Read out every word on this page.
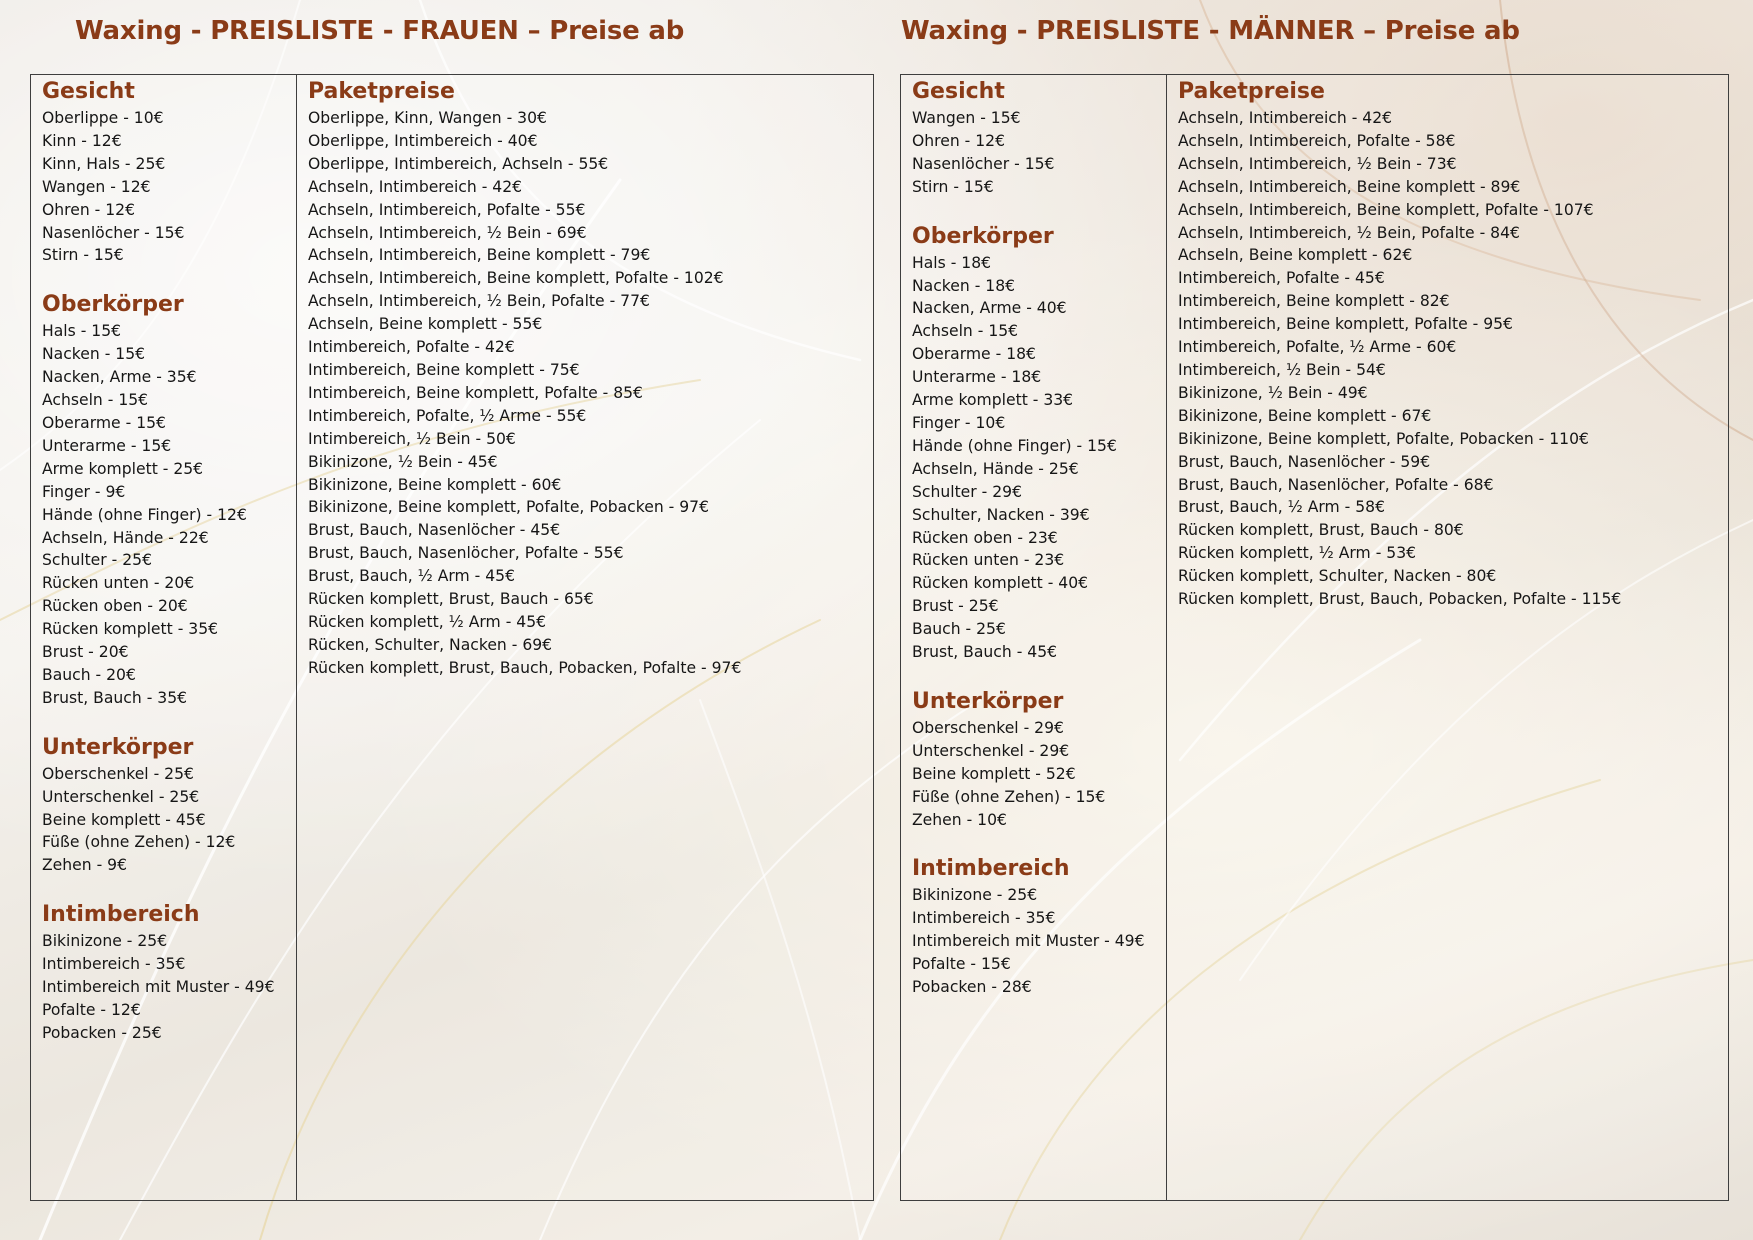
Waxing - PREISLISTE - FRAUEN – Preise ab	Waxing - PREISLISTE - MÄNNER – Preise ab
Gesicht
Oberlippe - 10€
Kinn - 12€
Kinn, Hals - 25€
Wangen - 12€
Ohren - 12€
Nasenlöcher - 15€
Stirn - 15€
Oberkörper
Hals - 15€
Nacken - 15€
Nacken, Arme - 35€
Achseln - 15€
Oberarme - 15€
Unterarme - 15€
Arme komplett - 25€
Finger - 9€
Hände (ohne Finger) - 12€
Achseln, Hände - 22€
Schulter - 25€
Rücken unten - 20€
Rücken oben - 20€
Rücken komplett - 35€
Brust - 20€
Bauch - 20€
Brust, Bauch - 35€
Unterkörper
Oberschenkel - 25€
Unterschenkel - 25€
Beine komplett - 45€
Füße (ohne Zehen) - 12€
Zehen - 9€
Intimbereich
Bikinizone - 25€
Intimbereich - 35€
Intimbereich mit Muster - 49€
Pofalte - 12€
Pobacken - 25€
Paketpreise
Oberlippe, Kinn, Wangen - 30€
Oberlippe, Intimbereich - 40€
Oberlippe, Intimbereich, Achseln - 55€
Achseln, Intimbereich - 42€
Achseln, Intimbereich, Pofalte - 55€
Achseln, Intimbereich, ½ Bein - 69€
Achseln, Intimbereich, Beine komplett - 79€
Achseln, Intimbereich, Beine komplett, Pofalte - 102€
Achseln, Intimbereich, ½ Bein, Pofalte - 77€
Achseln, Beine komplett - 55€
Intimbereich, Pofalte - 42€
Intimbereich, Beine komplett - 75€
Intimbereich, Beine komplett, Pofalte - 85€
Intimbereich, Pofalte, ½ Arme - 55€
Intimbereich, ½ Bein - 50€
Bikinizone, ½ Bein - 45€
Bikinizone, Beine komplett - 60€
Bikinizone, Beine komplett, Pofalte, Pobacken - 97€
Brust, Bauch, Nasenlöcher - 45€
Brust, Bauch, Nasenlöcher, Pofalte - 55€
Brust, Bauch, ½ Arm - 45€
Rücken komplett, Brust, Bauch - 65€
Rücken komplett, ½ Arm - 45€
Rücken, Schulter, Nacken - 69€
Rücken komplett, Brust, Bauch, Pobacken, Pofalte - 97€
Gesicht
Wangen - 15€
Ohren - 12€
Nasenlöcher - 15€
Stirn - 15€
Oberkörper
Hals - 18€
Nacken - 18€
Nacken, Arme - 40€
Achseln - 15€
Oberarme - 18€
Unterarme - 18€
Arme komplett - 33€
Finger - 10€
Hände (ohne Finger) - 15€
Achseln, Hände - 25€
Schulter - 29€
Schulter, Nacken - 39€
Rücken oben - 23€
Rücken unten - 23€
Rücken komplett - 40€
Brust - 25€
Bauch - 25€
Brust, Bauch - 45€
Unterkörper
Oberschenkel - 29€
Unterschenkel - 29€
Beine komplett - 52€
Füße (ohne Zehen) - 15€
Zehen - 10€
Intimbereich
Bikinizone - 25€
Intimbereich - 35€
Intimbereich mit Muster - 49€
Pofalte - 15€
Pobacken - 28€
Paketpreise
Achseln, Intimbereich - 42€
Achseln, Intimbereich, Pofalte - 58€
Achseln, Intimbereich, ½ Bein - 73€
Achseln, Intimbereich, Beine komplett - 89€
Achseln, Intimbereich, Beine komplett, Pofalte - 107€
Achseln, Intimbereich, ½ Bein, Pofalte - 84€
Achseln, Beine komplett - 62€
Intimbereich, Pofalte - 45€
Intimbereich, Beine komplett - 82€
Intimbereich, Beine komplett, Pofalte - 95€
Intimbereich, Pofalte, ½ Arme - 60€
Intimbereich, ½ Bein - 54€
Bikinizone, ½ Bein - 49€
Bikinizone, Beine komplett - 67€
Bikinizone, Beine komplett, Pofalte, Pobacken - 110€
Brust, Bauch, Nasenlöcher - 59€
Brust, Bauch, Nasenlöcher, Pofalte - 68€
Brust, Bauch, ½ Arm - 58€
Rücken komplett, Brust, Bauch - 80€
Rücken komplett, ½ Arm - 53€
Rücken komplett, Schulter, Nacken - 80€
Rücken komplett, Brust, Bauch, Pobacken, Pofalte - 115€
